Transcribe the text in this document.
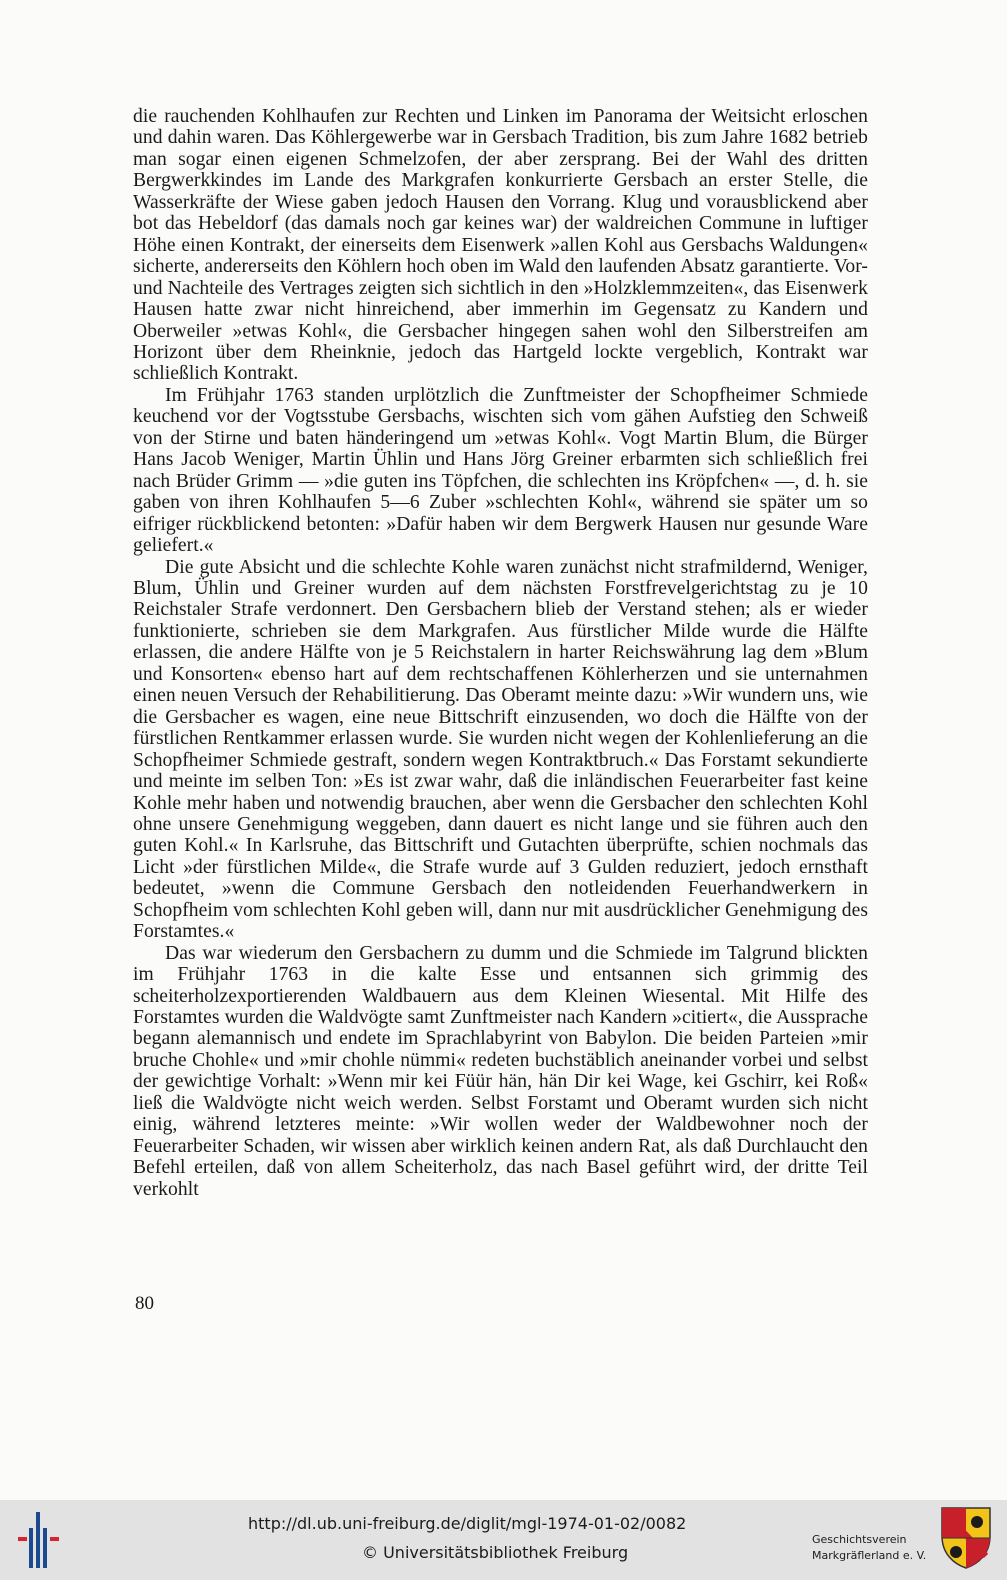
die rauchenden Kohlhaufen zur Rechten und Linken im Panorama der Weitsicht erloschen und dahin waren. Das Köhlergewerbe war in Gersbach Tradition, bis zum Jahre 1682 betrieb man sogar einen eigenen Schmelzofen, der aber zersprang. Bei der Wahl des dritten Bergwerkkindes im Lande des Markgrafen konkurrierte Gersbach an erster Stelle, die Wasserkräfte der Wiese gaben jedoch Hausen den Vorrang. Klug und vorausblickend aber bot das Hebeldorf (das damals noch gar keines war) der waldreichen Commune in luftiger Höhe einen Kontrakt, der einerseits dem Eisenwerk »allen Kohl aus Gersbachs Waldungen« sicherte, andererseits den Köhlern hoch oben im Wald den laufenden Absatz garantierte. Vor- und Nachteile des Vertrages zeigten sich sichtlich in den »Holzklemmzeiten«, das Eisenwerk Hausen hatte zwar nicht hinreichend, aber immerhin im Gegensatz zu Kandern und Oberweiler »etwas Kohl«, die Gersbacher hingegen sahen wohl den Silberstreifen am Horizont über dem Rheinknie, jedoch das Hartgeld lockte vergeblich, Kontrakt war schließlich Kontrakt.

Im Frühjahr 1763 standen urplötzlich die Zunftmeister der Schopfheimer Schmiede keuchend vor der Vogtsstube Gersbachs, wischten sich vom gähen Aufstieg den Schweiß von der Stirne und baten händeringend um »etwas Kohl«. Vogt Martin Blum, die Bürger Hans Jacob Weniger, Martin Ühlin und Hans Jörg Greiner erbarmten sich schließlich frei nach Brüder Grimm — »die guten ins Töpfchen, die schlechten ins Kröpfchen« —, d. h. sie gaben von ihren Kohlhaufen 5—6 Zuber »schlechten Kohl«, während sie später um so eifriger rückblickend betonten: »Dafür haben wir dem Bergwerk Hausen nur gesunde Ware geliefert.«

Die gute Absicht und die schlechte Kohle waren zunächst nicht strafmildernd, Weniger, Blum, Ühlin und Greiner wurden auf dem nächsten Forstfrevelgerichtstag zu je 10 Reichstaler Strafe verdonnert. Den Gersbachern blieb der Verstand stehen; als er wieder funktionierte, schrieben sie dem Markgrafen. Aus fürstlicher Milde wurde die Hälfte erlassen, die andere Hälfte von je 5 Reichstalern in harter Reichswährung lag dem »Blum und Konsorten« ebenso hart auf dem rechtschaffenen Köhlerherzen und sie unternahmen einen neuen Versuch der Rehabilitierung. Das Oberamt meinte dazu: »Wir wundern uns, wie die Gersbacher es wagen, eine neue Bittschrift einzusenden, wo doch die Hälfte von der fürstlichen Rentkammer erlassen wurde. Sie wurden nicht wegen der Kohlenlieferung an die Schopfheimer Schmiede gestraft, sondern wegen Kontraktbruch.« Das Forstamt sekundierte und meinte im selben Ton: »Es ist zwar wahr, daß die inländischen Feuerarbeiter fast keine Kohle mehr haben und notwendig brauchen, aber wenn die Gersbacher den schlechten Kohl ohne unsere Genehmigung weggeben, dann dauert es nicht lange und sie führen auch den guten Kohl.« In Karlsruhe, das Bittschrift und Gutachten überprüfte, schien nochmals das Licht »der fürstlichen Milde«, die Strafe wurde auf 3 Gulden reduziert, jedoch ernsthaft bedeutet, »wenn die Commune Gersbach den notleidenden Feuerhandwerkern in Schopfheim vom schlechten Kohl geben will, dann nur mit ausdrücklicher Genehmigung des Forstamtes.«

Das war wiederum den Gersbachern zu dumm und die Schmiede im Talgrund blickten im Frühjahr 1763 in die kalte Esse und entsannen sich grimmig des scheiterholzexportierenden Waldbauern aus dem Kleinen Wiesental. Mit Hilfe des Forstamtes wurden die Waldvögte samt Zunftmeister nach Kandern »citiert«, die Aussprache begann alemannisch und endete im Sprachlabyrint von Babylon. Die beiden Parteien »mir bruche Chohle« und »mir chohle nümmi« redeten buchstäblich aneinander vorbei und selbst der gewichtige Vorhalt: »Wenn mir kei Füür hän, hän Dir kei Wage, kei Gschirr, kei Roß« ließ die Waldvögte nicht weich werden. Selbst Forstamt und Oberamt wurden sich nicht einig, während letzteres meinte: »Wir wollen weder der Waldbewohner noch der Feuerarbeiter Schaden, wir wissen aber wirklich keinen andern Rat, als daß Durchlaucht den Befehl erteilen, daß von allem Scheiterholz, das nach Basel geführt wird, der dritte Teil verkohlt

80
http://dl.ub.uni-freiburg.de/diglit/mgl-1974-01-02/0082
© Universitätsbibliothek Freiburg
Geschichtsverein
Markgräflerland e. V.
